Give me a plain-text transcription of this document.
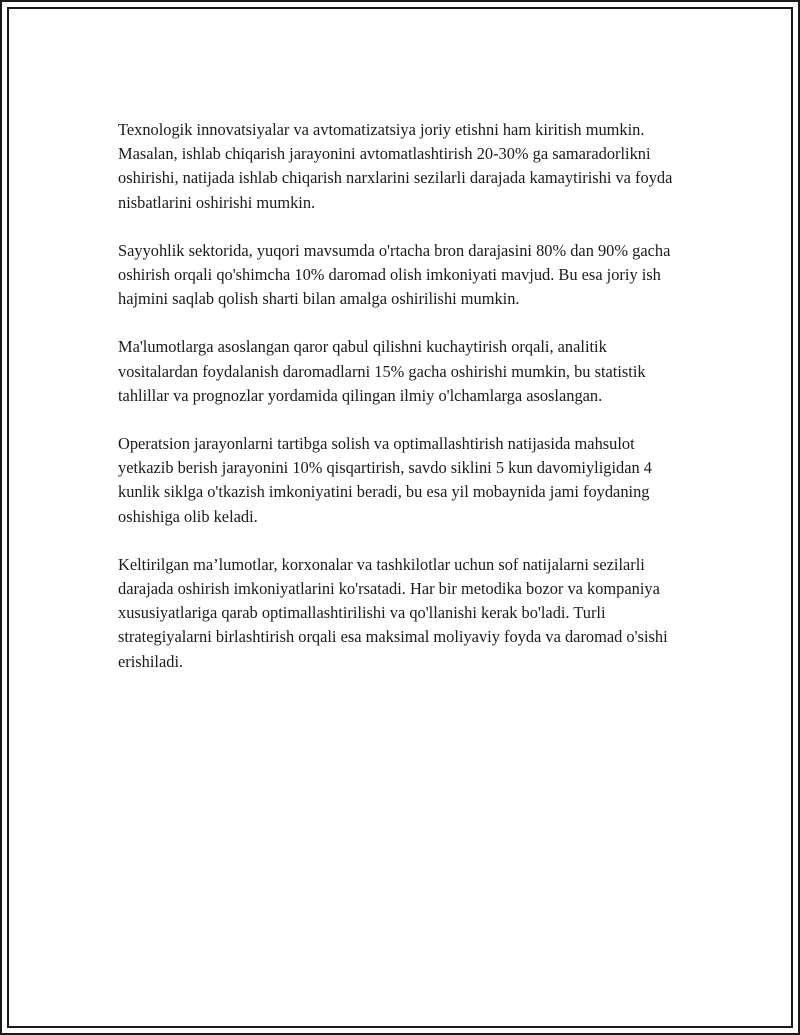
Texnologik innovatsiyalar va avtomatizatsiya joriy etishni ham kiritish mumkin. Masalan, ishlab chiqarish jarayonini avtomatlashtirish 20-30% ga samaradorlikni oshirishi, natijada ishlab chiqarish narxlarini sezilarli darajada kamaytirishi va foyda nisbatlarini oshirishi mumkin.

Sayyohlik sektorida, yuqori mavsumda o'rtacha bron darajasini 80% dan 90% gacha oshirish orqali qo'shimcha 10% daromad olish imkoniyati mavjud. Bu esa joriy ish hajmini saqlab qolish sharti bilan amalga oshirilishi mumkin.

Ma'lumotlarga asoslangan qaror qabul qilishni kuchaytirish orqali, analitik vositalardan foydalanish daromadlarni 15% gacha oshirishi mumkin, bu statistik tahlillar va prognozlar yordamida qilingan ilmiy o'lchamlarga asoslangan.

Operatsion jarayonlarni tartibga solish va optimallashtirish natijasida mahsulot yetkazib berish jarayonini 10% qisqartirish, savdo siklini 5 kun davomiyligidan 4 kunlik siklga o'tkazish imkoniyatini beradi, bu esa yil mobaynida jami foydaning oshishiga olib keladi.

Keltirilgan ma’lumotlar, korxonalar va tashkilotlar uchun sof natijalarni sezilarli darajada oshirish imkoniyatlarini ko'rsatadi. Har bir metodika bozor va kompaniya xususiyatlariga qarab optimallashtirilishi va qo'llanishi kerak bo'ladi. Turli strategiyalarni birlashtirish orqali esa maksimal moliyaviy foyda va daromad o'sishi erishiladi.
